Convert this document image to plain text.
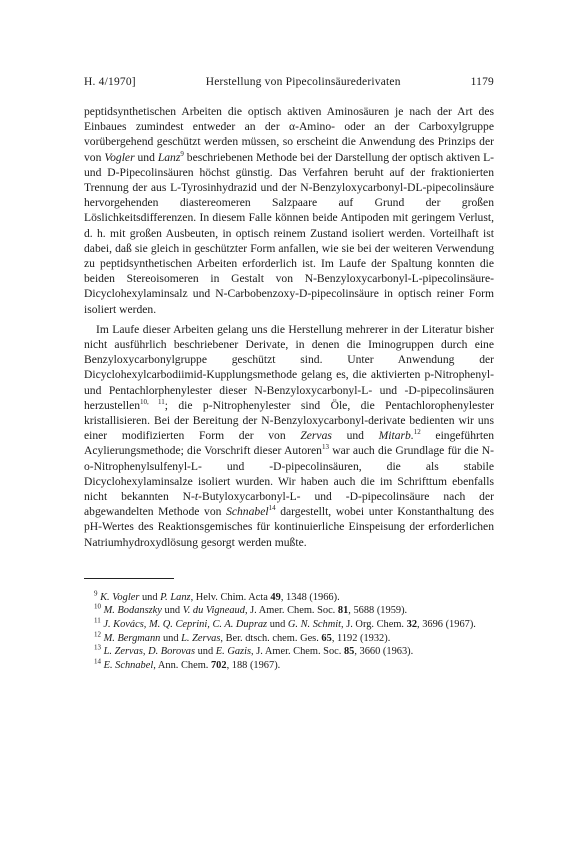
H. 4/1970]	Herstellung von Pipecolinsäurederivaten	1179

peptidsynthetischen Arbeiten die optisch aktiven Aminosäuren je nach der Art des Einbaues zumindest entweder an der α-Amino- oder an der Carboxylgruppe vorübergehend geschützt werden müssen, so erscheint die Anwendung des Prinzips der von Vogler und Lanz$^9$ beschriebenen Methode bei der Darstellung der optisch aktiven L- und D-Pipecolinsäuren höchst günstig. Das Verfahren beruht auf der fraktionierten Trennung der aus L-Tyrosinhydrazid und der N-Benzyloxycarbonyl-DL-pipecolinsäure hervorgehenden diastereomeren Salzpaare auf Grund der großen Löslichkeitsdifferenzen. In diesem Falle können beide Antipoden mit geringem Verlust, d. h. mit großen Ausbeuten, in optisch reinem Zustand isoliert werden. Vorteilhaft ist dabei, daß sie gleich in geschützter Form anfallen, wie sie bei der weiteren Verwendung zu peptidsynthetischen Arbeiten erforderlich ist. Im Laufe der Spaltung konnten die beiden Stereoisomeren in Gestalt von N-Benzyloxycarbonyl-L-pipecolinsäure-Dicyclohexylaminsalz und N-Carbobenzoxy-D-pipecolinsäure in optisch reiner Form isoliert werden.

Im Laufe dieser Arbeiten gelang uns die Herstellung mehrerer in der Literatur bisher nicht ausführlich beschriebener Derivate, in denen die Iminogruppen durch eine Benzyloxycarbonylgruppe geschützt sind. Unter Anwendung der Dicyclohexylcarbodiimid-Kupplungsmethode gelang es, die aktivierten p-Nitrophenyl- und Pentachlorphenylester dieser N-Benzyloxycarbonyl-L- und -D-pipecolinsäuren herzustellen$^{10, 11}$; die p-Nitrophenylester sind Öle, die Pentachlorophenylester kristallisieren. Bei der Bereitung der N-Benzyloxycarbonyl-derivate bedienten wir uns einer modifizierten Form der von Zervas und Mitarb.$^{12}$ eingeführten Acylierungsmethode; die Vorschrift dieser Autoren$^{13}$ war auch die Grundlage für die N-o-Nitrophenylsulfenyl-L- und -D-pipecolinsäuren, die als stabile Dicyclohexylaminsalze isoliert wurden. Wir haben auch die im Schrifttum ebenfalls nicht bekannten N-t-Butyloxycarbonyl-L- und -D-pipecolinsäure nach der abgewandelten Methode von Schnabel$^{14}$ dargestellt, wobei unter Konstanthaltung des pH-Wertes des Reaktionsgemisches für kontinuierliche Einspeisung der erforderlichen Natriumhydroxydlösung gesorgt werden mußte.

$^9$ K. Vogler und P. Lanz, Helv. Chim. Acta 49, 1348 (1966).

$^{10}$ M. Bodanszky und V. du Vigneaud, J. Amer. Chem. Soc. 81, 5688 (1959).

$^{11}$ J. Kovács, M. Q. Ceprini, C. A. Dupraz und G. N. Schmit, J. Org. Chem. 32, 3696 (1967).

$^{12}$ M. Bergmann und L. Zervas, Ber. dtsch. chem. Ges. 65, 1192 (1932).

$^{13}$ L. Zervas, D. Borovas und E. Gazis, J. Amer. Chem. Soc. 85, 3660 (1963).

$^{14}$ E. Schnabel, Ann. Chem. 702, 188 (1967).
